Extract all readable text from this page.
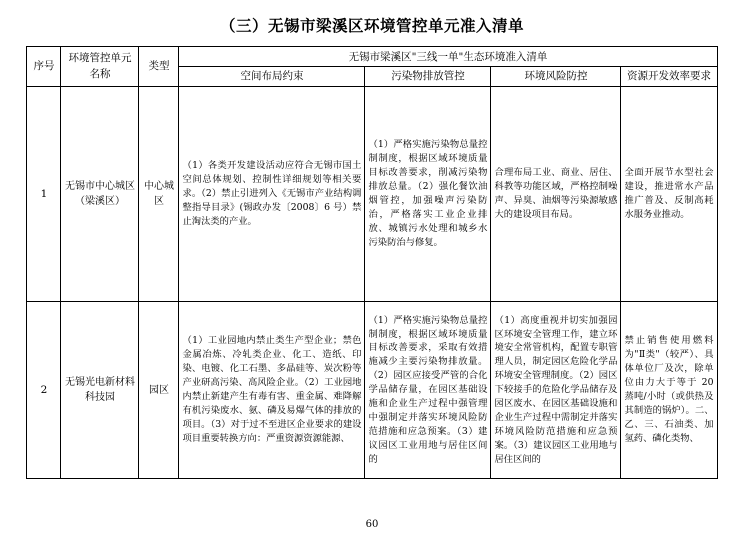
（三）无锡市梁溪区环境管控单元准入清单
序号	环境管控单元名称	类型	无锡市梁溪区"三线一单"生态环境准入清单			
			空间布局约束	污染物排放管控	环境风险防控	资源开发效率要求
1	无锡市中心城区（梁溪区）	中心城区	（1）各类开发建设活动应符合无锡市国土空间总体规划、控制性详细规划等相关要求。（2）禁止引进列入《无锡市产业结构调整指导目录》(锡政办发〔2008〕6 号）禁止淘汰类的产业。	（1）严格实施污染物总量控制制度，根据区域环境质量目标改善要求，削减污染物排放总量。（2）强化餐饮油烟管控，加强噪声污染防治，严格落实工业企业排放、城镇污水处理和城乡水污染防治与修复。	合理布局工业、商业、居住、科教等功能区域，严格控制噪声、异臭、油烟等污染源敏感大的建设项目布局。	全面开展节水型社会建设，推进常水产品推广普及、反制高耗水服务业推动。
2	无锡光电新材料科技园	园区	（1）工业园地内禁止类生产型企业；禁色金属冶炼、冷轧类企业、化工、造纸、印染、电镀、化工石墨、多晶硅等、炭次粉等产业研高污染、高风险企业。（2）工业园地内禁止新建产生有毒有害、重金属、难降解有机污染废水、氨、磷及易爆气体的排放的项目。（3）对于过不至进区企业要求的建设项目重要转换方向：严重资源资源能源、	（1）严格实施污染物总量控制制度，根据区域环境质量目标改善要求，采取有效措施减少主要污染物排放量。（2）园区应接受严管的合化学品储存量，在园区基础设施和企业生产过程中强管理中强制定并落实环境风险防范措施和应急预案。（3）建议园区工业用地与居住区间的	（1）高度重视并切实加强园区环境安全管理工作，建立环境安全常管机构，配置专职管理人员，制定园区危险化学品环境安全管理制度。（2）园区下较接手的危险化学品储存及园区废水、在园区基础设施和企业生产过程中需制定并落实环境风险防范措施和应急预案。（3）建议园区工业用地与居住区间的	禁止销售使用燃料为"Ⅱ类"（较严）、具体单位厂及次，除单位由力大于等于 20 蒸吨/小时（或供热及其制造的锅炉）。二、乙、三、石油类、加氢药、磷化类物、
60
